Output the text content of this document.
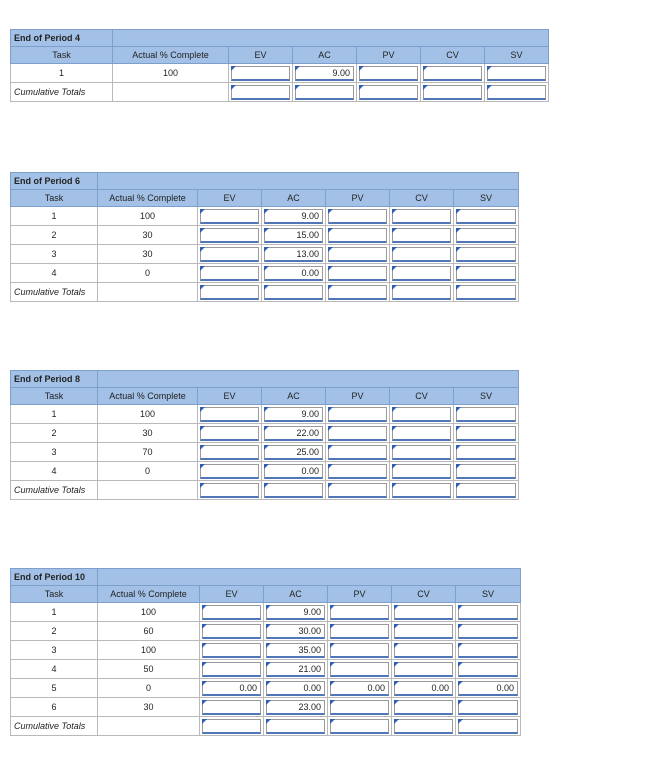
End of Period 4						
Task	Actual % Complete	EV	AC	PV	CV	SV
1	100		9.00			

Cumulative Totals		

End of Period 6						
Task	Actual % Complete	EV	AC	PV	CV	SV
1	100		9.00			

2	30		15.00			

3	30		13.00			

4	0		0.00			

Cumulative Totals		

End of Period 8						
Task	Actual % Complete	EV	AC	PV	CV	SV
1	100		9.00			

2	30		22.00			

3	70		25.00			

4	0		0.00			

Cumulative Totals		

End of Period 10						
Task	Actual % Complete	EV	AC	PV	CV	SV
1	100		9.00			

2	60		30.00			

3	100		35.00			

4	50		21.00			

5	0	0.00	0.00	0.00	0.00	0.00

6	30		23.00			

Cumulative Totals		
